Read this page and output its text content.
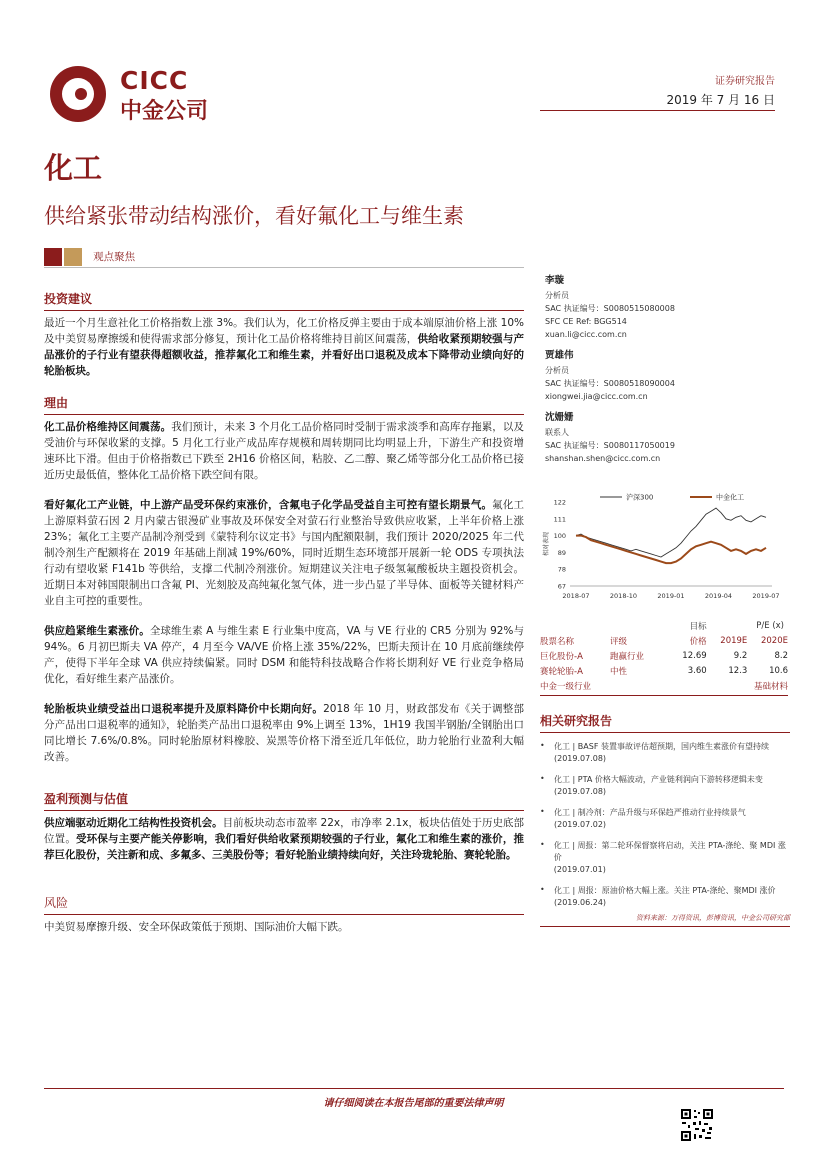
CICC
中金公司
证券研究报告
2019 年 7 月 16 日
化工
供给紧张带动结构涨价，看好氟化工与维生素
观点聚焦
投资建议
最近一个月生意社化工价格指数上涨 3%。我们认为，化工价格反弹主要由于成本端原油价格上涨 10%及中美贸易摩擦缓和使得需求部分修复，预计化工品价格将维持目前区间震荡，供给收紧预期较强与产品涨价的子行业有望获得超额收益，推荐氟化工和维生素，并看好出口退税及成本下降带动业绩向好的轮胎板块。
理由
化工品价格维持区间震荡。我们预计，未来 3 个月化工品价格同时受制于需求淡季和高库存拖累，以及受油价与环保收紧的支撑。5 月化工行业产成品库存规模和周转期同比均明显上升，下游生产和投资增速环比下滑。但由于价格指数已下跌至 2H16 价格区间，粘胶、乙二醇、聚乙烯等部分化工品价格已接近历史最低值，整体化工品价格下跌空间有限。
看好氟化工产业链，中上游产品受环保约束涨价，含氟电子化学品受益自主可控有望长期景气。氟化工上游原料萤石因 2 月内蒙古银漫矿业事故及环保安全对萤石行业整治导致供应收紧，上半年价格上涨 23%；氟化工主要产品制冷剂受到《蒙特利尔议定书》与国内配额限制，我们预计 2020/2025 年二代制冷剂生产配额将在 2019 年基础上削减 19%/60%，同时近期生态环境部开展新一轮 ODS 专项执法行动有望收紧 F141b 等供给，支撑二代制冷剂涨价。短期建议关注电子级氢氟酸板块主题投资机会。近期日本对韩国限制出口含氟 PI、光刻胶及高纯氟化氢气体，进一步凸显了半导体、面板等关键材料产业自主可控的重要性。
供应趋紧维生素涨价。全球维生素 A 与维生素 E 行业集中度高，VA 与 VE 行业的 CR5 分别为 92%与 94%。6 月初巴斯夫 VA 停产，4 月至今 VA/VE 价格上涨 35%/22%，巴斯夫预计在 10 月底前继续停产，使得下半年全球 VA 供应持续偏紧。同时 DSM 和能特科技战略合作将长期利好 VE 行业竞争格局优化，看好维生素产品涨价。
轮胎板块业绩受益出口退税率提升及原料降价中长期向好。2018 年 10 月，财政部发布《关于调整部分产品出口退税率的通知》，轮胎类产品出口退税率由 9%上调至 13%，1H19 我国半钢胎/全钢胎出口同比增长 7.6%/0.8%。同时轮胎原材料橡胶、炭黑等价格下滑至近几年低位，助力轮胎行业盈利大幅改善。
盈利预测与估值
供应端驱动近期化工结构性投资机会。目前板块动态市盈率 22x，市净率 2.1x，板块估值处于历史底部位置。受环保与主要产能关停影响，我们看好供给收紧预期较强的子行业，氟化工和维生素的涨价，推荐巨化股份，关注新和成、多氟多、三美股份等；看好轮胎业绩持续向好，关注玲珑轮胎、赛轮轮胎。
风险
中美贸易摩擦升级、安全环保政策低于预期、国际油价大幅下跌。
李璇
分析员
SAC 执证编号：S0080515080008
SFC CE Ref: BGG514
xuan.li@cicc.com.cn
贾雄伟
分析员
SAC 执证编号：S0080518090004
xiongwei.jia@cicc.com.cn
沈姗姗
联系人
SAC 执证编号：S0080117050019
shanshan.shen@cicc.com.cn
122
111
100
89
78
67
相对表现
2018-07	2018-10	2019-01	2019-04	2019-07
沪深300	中金化工
		目标	P/E (x)	
股票名称	评级	价格	2019E	2020E
巨化股份-A	跑赢行业	12.69	9.2	8.2
赛轮轮胎-A	中性	3.60	12.3	10.6
中金一级行业		基础材料		
相关研究报告
•	化工 | BASF 装置事故评估超预期，国内维生素涨价有望持续
(2019.07.08)
•	化工 | PTA 价格大幅波动，产业链利润向下游转移逻辑未变
(2019.07.08)
•	化工 | 制冷剂：产品升级与环保趋严推动行业持续景气
(2019.07.02)
•	化工 | 周报：第二轮环保督察将启动，关注 PTA-涤纶、聚 MDI 涨价
(2019.07.01)
•	化工 | 周报：原油价格大幅上涨。关注 PTA-涤纶、聚MDI 涨价
(2019.06.24)
资料来源：万得资讯，彭博资讯，中金公司研究部
请仔细阅读在本报告尾部的重要法律声明
